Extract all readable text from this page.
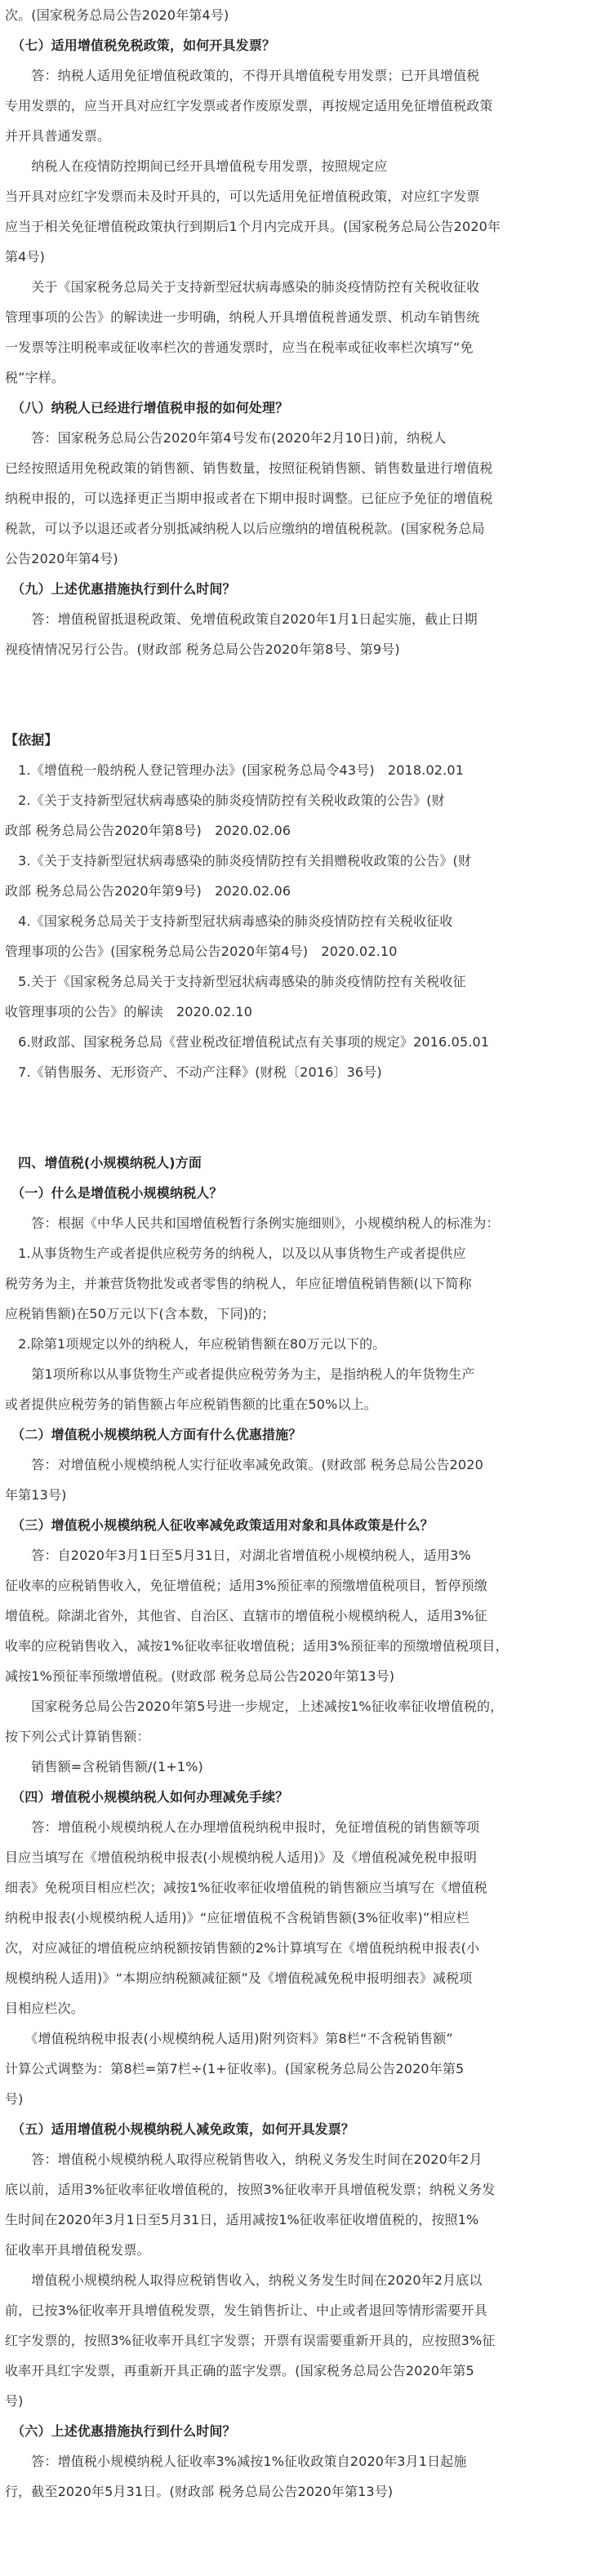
次。(国家税务总局公告2020年第4号)
　（七）适用增值税免税政策，如何开具发票？
　　答：纳税人适用免征增值税政策的，不得开具增值税专用发票；已开具增值税
专用发票的，应当开具对应红字发票或者作废原发票，再按规定适用免征增值税政策
并开具普通发票。
　　纳税人在疫情防控期间已经开具增值税专用发票，按照规定应
当开具对应红字发票而未及时开具的，可以先适用免征增值税政策，对应红字发票
应当于相关免征增值税政策执行到期后1个月内完成开具。(国家税务总局公告2020年
第4号)
　　关于《国家税务总局关于支持新型冠状病毒感染的肺炎疫情防控有关税收征收
管理事项的公告》的解读进一步明确，纳税人开具增值税普通发票、机动车销售统
一发票等注明税率或征收率栏次的普通发票时，应当在税率或征收率栏次填写“免
税”字样。
　（八）纳税人已经进行增值税申报的如何处理？
　　答：国家税务总局公告2020年第4号发布(2020年2月10日)前，纳税人
已经按照适用免税政策的销售额、销售数量，按照征税销售额、销售数量进行增值税
纳税申报的，可以选择更正当期申报或者在下期申报时调整。已征应予免征的增值税
税款，可以予以退还或者分别抵减纳税人以后应缴纳的增值税税款。(国家税务总局
公告2020年第4号)
　（九）上述优惠措施执行到什么时间？
　　答：增值税留抵退税政策、免增值税政策自2020年1月1日起实施，截止日期
视疫情情况另行公告。(财政部 税务总局公告2020年第8号、第9号)
【依据】
　1.《增值税一般纳税人登记管理办法》(国家税务总局令43号)　2018.02.01
　2.《关于支持新型冠状病毒感染的肺炎疫情防控有关税收政策的公告》(财
政部 税务总局公告2020年第8号)　2020.02.06
　3.《关于支持新型冠状病毒感染的肺炎疫情防控有关捐赠税收政策的公告》(财
政部 税务总局公告2020年第9号)　2020.02.06
　4.《国家税务总局关于支持新型冠状病毒感染的肺炎疫情防控有关税收征收
管理事项的公告》(国家税务总局公告2020年第4号)　2020.02.10
　5.关于《国家税务总局关于支持新型冠状病毒感染的肺炎疫情防控有关税收征
收管理事项的公告》的解读　2020.02.10
　6.财政部、国家税务总局《营业税改征增值税试点有关事项的规定》2016.05.01
　7.《销售服务、无形资产、不动产注释》(财税〔2016〕36号)
　四、增值税(小规模纳税人)方面
　（一）什么是增值税小规模纳税人？
　　答：根据《中华人民共和国增值税暂行条例实施细则》，小规模纳税人的标准为：
　1.从事货物生产或者提供应税劳务的纳税人，以及以从事货物生产或者提供应
税劳务为主，并兼营货物批发或者零售的纳税人，年应征增值税销售额(以下简称
应税销售额)在50万元以下(含本数，下同)的；
　2.除第1项规定以外的纳税人，年应税销售额在80万元以下的。
　　第1项所称以从事货物生产或者提供应税劳务为主，是指纳税人的年货物生产
或者提供应税劳务的销售额占年应税销售额的比重在50%以上。
　（二）增值税小规模纳税人方面有什么优惠措施？
　　答：对增值税小规模纳税人实行征收率减免政策。(财政部 税务总局公告2020
年第13号)
　（三）增值税小规模纳税人征收率减免政策适用对象和具体政策是什么？
　　答：自2020年3月1日至5月31日，对湖北省增值税小规模纳税人，适用3%
征收率的应税销售收入，免征增值税；适用3%预征率的预缴增值税项目，暂停预缴
增值税。除湖北省外，其他省、自治区、直辖市的增值税小规模纳税人，适用3%征
收率的应税销售收入，减按1%征收率征收增值税；适用3%预征率的预缴增值税项目，
减按1%预征率预缴增值税。(财政部 税务总局公告2020年第13号)
　　国家税务总局公告2020年第5号进一步规定，上述减按1%征收率征收增值税的，
按下列公式计算销售额：
　　销售额=含税销售额/(1+1%)
　（四）增值税小规模纳税人如何办理减免手续？
　　答：增值税小规模纳税人在办理增值税纳税申报时，免征增值税的销售额等项
目应当填写在《增值税纳税申报表(小规模纳税人适用)》及《增值税减免税申报明
细表》免税项目相应栏次；减按1%征收率征收增值税的销售额应当填写在《增值税
纳税申报表(小规模纳税人适用)》“应征增值税不含税销售额(3%征收率)”相应栏
次，对应减征的增值税应纳税额按销售额的2%计算填写在《增值税纳税申报表(小
规模纳税人适用)》“本期应纳税额减征额”及《增值税减免税申报明细表》减税项
目相应栏次。
　　《增值税纳税申报表(小规模纳税人适用)附列资料》第8栏“不含税销售额”
计算公式调整为：第8栏=第7栏÷(1+征收率)。(国家税务总局公告2020年第5
号)
　（五）适用增值税小规模纳税人减免政策，如何开具发票？
　　答：增值税小规模纳税人取得应税销售收入，纳税义务发生时间在2020年2月
底以前，适用3%征收率征收增值税的，按照3%征收率开具增值税发票；纳税义务发
生时间在2020年3月1日至5月31日，适用减按1%征收率征收增值税的，按照1%
征收率开具增值税发票。
　　增值税小规模纳税人取得应税销售收入，纳税义务发生时间在2020年2月底以
前，已按3%征收率开具增值税发票，发生销售折让、中止或者退回等情形需要开具
红字发票的，按照3%征收率开具红字发票；开票有误需要重新开具的，应按照3%征
收率开具红字发票，再重新开具正确的蓝字发票。(国家税务总局公告2020年第5
号)
　（六）上述优惠措施执行到什么时间？
　　答：增值税小规模纳税人征收率3%减按1%征收政策自2020年3月1日起施
行，截至2020年5月31日。(财政部 税务总局公告2020年第13号)
